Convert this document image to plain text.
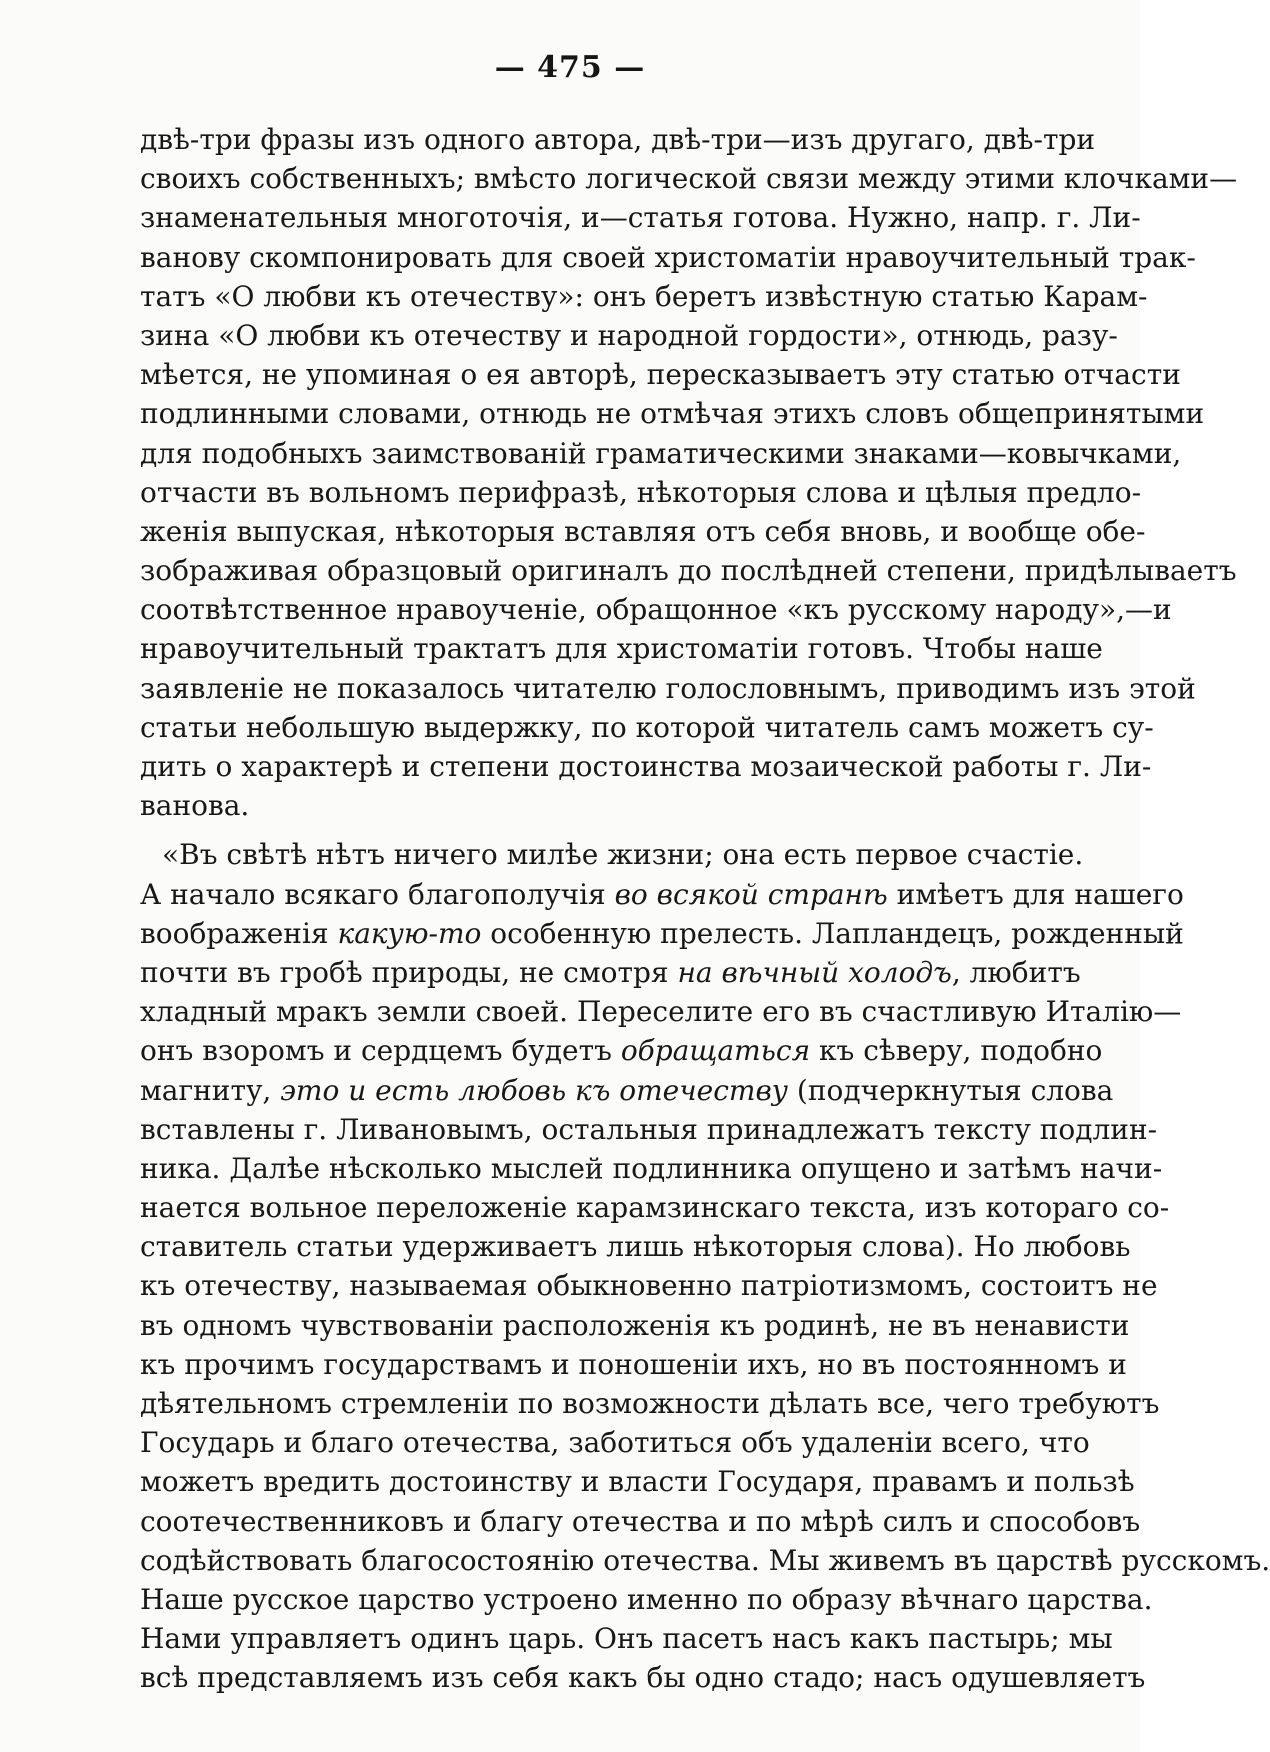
— 475 —
двѣ-три фразы изъ одного автора, двѣ-три—изъ другаго, двѣ-три
своихъ собственныхъ; вмѣсто логической связи между этими клочками—
знаменательныя многоточія, и—статья готова. Нужно, напр. г. Ли-
ванову скомпонировать для своей христоматіи нравоучительный трак-
татъ «О любви къ отечеству»: онъ беретъ извѣстную статью Карам-
зина «О любви къ отечеству и народной гордости», отнюдь, разу-
мѣется, не упоминая о ея авторѣ, пересказываетъ эту статью отчасти
подлинными словами, отнюдь не отмѣчая этихъ словъ общепринятыми
для подобныхъ заимствованій граматическими знаками—ковычками,
отчасти въ вольномъ перифразѣ, нѣкоторыя слова и цѣлыя предло-
женія выпуская, нѣкоторыя вставляя отъ себя вновь, и вообще обе-
зображивая образцовый оригиналъ до послѣдней степени, придѣлываетъ
соотвѣтственное нравоученіе, обращонное «къ русскому народу»,—и
нравоучительный трактатъ для христоматіи готовъ. Чтобы наше
заявленіе не показалось читателю голословнымъ, приводимъ изъ этой
статьи небольшую выдержку, по которой читатель самъ можетъ су-
дить о характерѣ и степени достоинства мозаической работы г. Ли-
ванова.
«Въ свѣтѣ нѣтъ ничего милѣе жизни; она есть первое счастіе.
А начало всякаго благополучія во всякой странѣ имѣетъ для нашего
воображенія какую-то особенную прелесть. Лапландецъ, рожденный
почти въ гробѣ природы, не смотря на вѣчный холодъ, любитъ
хладный мракъ земли своей. Переселите его въ счастливую Италію—
онъ взоромъ и сердцемъ будетъ обращаться къ сѣверу, подобно
магниту, это и есть любовь къ отечеству (подчеркнутыя слова
вставлены г. Ливановымъ, остальныя принадлежатъ тексту подлин-
ника. Далѣе нѣсколько мыслей подлинника опущено и затѣмъ начи-
нается вольное переложеніе карамзинскаго текста, изъ котораго со-
ставитель статьи удерживаетъ лишь нѣкоторыя слова). Но любовь
къ отечеству, называемая обыкновенно патріотизмомъ, состоитъ не
въ одномъ чувствованіи расположенія къ родинѣ, не въ ненависти
къ прочимъ государствамъ и поношеніи ихъ, но въ постоянномъ и
дѣятельномъ стремленіи по возможности дѣлать все, чего требуютъ
Государь и благо отечества, заботиться объ удаленіи всего, что
можетъ вредить достоинству и власти Государя, правамъ и пользѣ
соотечественниковъ и благу отечества и по мѣрѣ силъ и способовъ
содѣйствовать благосостоянію отечества. Мы живемъ въ царствѣ русскомъ.
Наше русское царство устроено именно по образу вѣчнаго царства.
Нами управляетъ одинъ царь. Онъ пасетъ насъ какъ пастырь; мы
всѣ представляемъ изъ себя какъ бы одно стадо; насъ одушевляетъ
